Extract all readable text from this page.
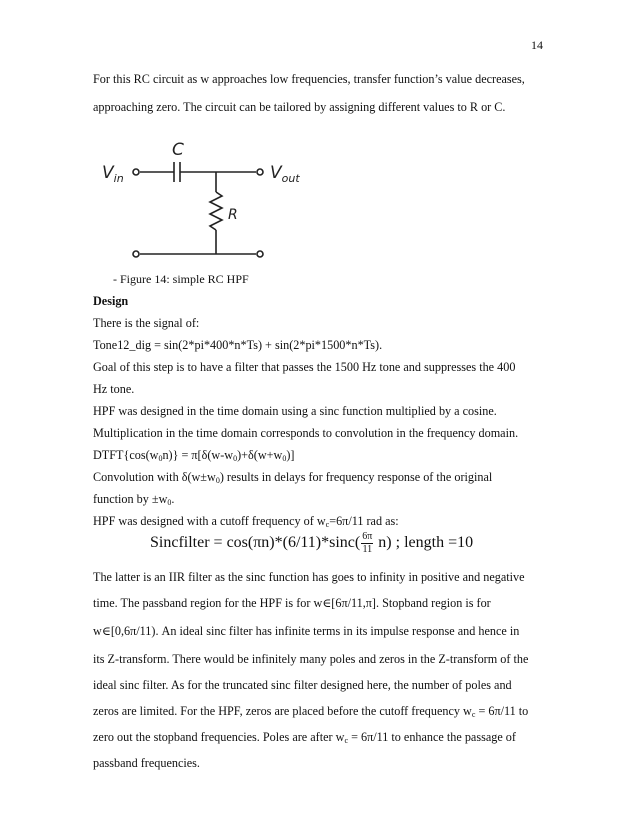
14

For this RC circuit as w approaches low frequencies, transfer function’s value decreases,

approaching zero. The circuit can be tailored by assigning different values to R or C.

C
R
$V_{in}$	$V_{out}$
- Figure 14: simple RC HPF

Design

There is the signal of:

Tone12_dig = sin(2*pi*400*n*Ts) + sin(2*pi*1500*n*Ts).

Goal of this step is to have a filter that passes the 1500 Hz tone and suppresses the 400

Hz tone.

HPF was designed in the time domain using a sinc function multiplied by a cosine.

Multiplication in the time domain corresponds to convolution in the frequency domain.

$DTFT\{\cos(w_0n)\} = \pi[\delta(w-w_0)+\delta(w+w_0)]$

Convolution with $\delta(w\pm w_0)$ results in delays for frequency response of the original

function by $\pm w_0$.

HPF was designed with a cutoff frequency of $w_c=6\pi/11$ rad as:

Sincfilter = $\cos(\pi n)*(6/11)*\sin c( \frac{6\pi}{11} n)$ ; length =10

The latter is an IIR filter as the sinc function has goes to infinity in positive and negative

time. The passband region for the HPF is for w∈[6π/11,π]. Stopband region is for

w∈[0,6π/11). An ideal sinc filter has infinite terms in its impulse response and hence in

its Z-transform. There would be infinitely many poles and zeros in the Z-transform of the

ideal sinc filter. As for the truncated sinc filter designed here, the number of poles and

zeros are limited. For the HPF, zeros are placed before the cutoff frequency $w_c = 6\pi/11$ to

zero out the stopband frequencies. Poles are after $w_c = 6\pi/11$ to enhance the passage of

passband frequencies.
